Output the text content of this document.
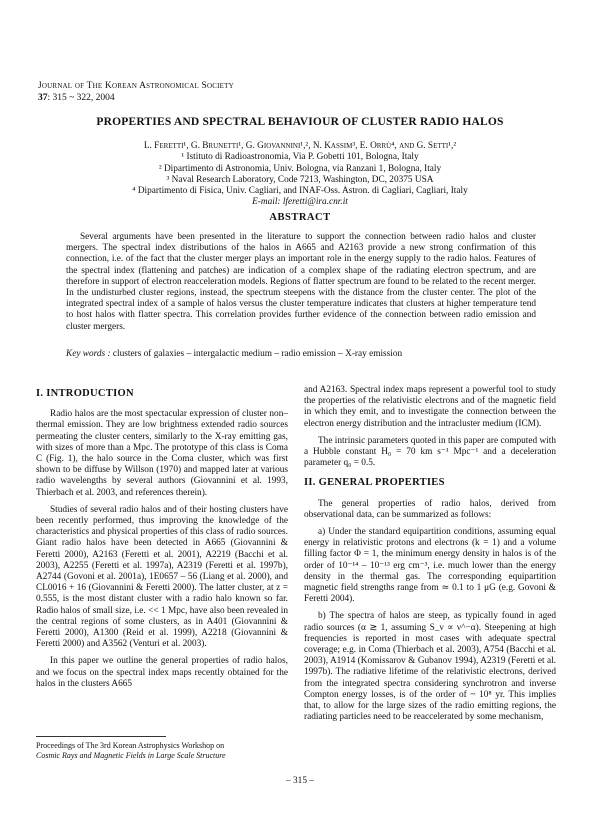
Journal of The Korean Astronomical Society
37: 315 ~ 322, 2004
PROPERTIES AND SPECTRAL BEHAVIOUR OF CLUSTER RADIO HALOS
L. Feretti¹, G. Brunetti¹, G. Giovannini¹,², N. Kassim³, E. Orrù⁴, and G. Setti¹,²
¹ Istituto di Radioastronomia, Via P. Gobetti 101, Bologna, Italy
² Dipartimento di Astronomia, Univ. Bologna, via Ranzani 1, Bologna, Italy
³ Naval Research Laboratory, Code 7213, Washington, DC, 20375 USA
⁴ Dipartimento di Fisica, Univ. Cagliari, and INAF-Oss. Astron. di Cagliari, Cagliari, Italy
E-mail: lferetti@ira.cnr.it
ABSTRACT
Several arguments have been presented in the literature to support the connection between radio halos and cluster mergers. The spectral index distributions of the halos in A665 and A2163 provide a new strong confirmation of this connection, i.e. of the fact that the cluster merger plays an important role in the energy supply to the radio halos. Features of the spectral index (flattening and patches) are indication of a complex shape of the radiating electron spectrum, and are therefore in support of electron reacceleration models. Regions of flatter spectrum are found to be related to the recent merger. In the undisturbed cluster regions, instead, the spectrum steepens with the distance from the cluster center. The plot of the integrated spectral index of a sample of halos versus the cluster temperature indicates that clusters at higher temperature tend to host halos with flatter spectra. This correlation provides further evidence of the connection between radio emission and cluster mergers.
Key words : clusters of galaxies – intergalactic medium – radio emission – X-ray emission
I. INTRODUCTION

Radio halos are the most spectacular expression of cluster non–thermal emission. They are low brightness extended radio sources permeating the cluster centers, similarly to the X-ray emitting gas, with sizes of more than a Mpc. The prototype of this class is Coma C (Fig. 1), the halo source in the Coma cluster, which was first shown to be diffuse by Willson (1970) and mapped later at various radio wavelengths by several authors (Giovannini et al. 1993, Thierbach et al. 2003, and references therein).

Studies of several radio halos and of their hosting clusters have been recently performed, thus improving the knowledge of the characteristics and physical properties of this class of radio sources. Giant radio halos have been detected in A665 (Giovannini & Feretti 2000), A2163 (Feretti et al. 2001), A2219 (Bacchi et al. 2003), A2255 (Feretti et al. 1997a), A2319 (Feretti et al. 1997b), A2744 (Govoni et al. 2001a), 1E0657 – 56 (Liang et al. 2000), and CL0016 + 16 (Giovannini & Feretti 2000). The latter cluster, at z = 0.555, is the most distant cluster with a radio halo known so far. Radio halos of small size, i.e. << 1 Mpc, have also been revealed in the central regions of some clusters, as in A401 (Giovannini & Feretti 2000), A1300 (Reid et al. 1999), A2218 (Giovannini & Feretti 2000) and A3562 (Venturi et al. 2003).

In this paper we outline the general properties of radio halos, and we focus on the spectral index maps recently obtained for the halos in the clusters A665

and A2163. Spectral index maps represent a powerful tool to study the properties of the relativistic electrons and of the magnetic field in which they emit, and to investigate the connection between the electron energy distribution and the intracluster medium (ICM).

The intrinsic parameters quoted in this paper are computed with a Hubble constant H₀ = 70 km s⁻¹ Mpc⁻¹ and a deceleration parameter q₀ = 0.5.

II. GENERAL PROPERTIES

The general properties of radio halos, derived from observational data, can be summarized as follows:

a) Under the standard equipartition conditions, assuming equal energy in relativistic protons and electrons (k = 1) and a volume filling factor Φ = 1, the minimum energy density in halos is of the order of 10⁻¹⁴ – 10⁻¹³ erg cm⁻³, i.e. much lower than the energy density in the thermal gas. The corresponding equipartition magnetic field strengths range from ≃ 0.1 to 1 μG (e.g. Govoni & Feretti 2004).

b) The spectra of halos are steep, as typically found in aged radio sources (α ≳ 1, assuming S_ν ∝ ν^−α). Steepening at high frequencies is reported in most cases with adequate spectral coverage; e.g. in Coma (Thierbach et al. 2003), A754 (Bacchi et al. 2003), A1914 (Komissarov & Gubanov 1994), A2319 (Feretti et al. 1997b). The radiative lifetime of the relativistic electrons, derived from the integrated spectra considering synchrotron and inverse Compton energy losses, is of the order of ~ 10⁸ yr. This implies that, to allow for the large sizes of the radio emitting regions, the radiating particles need to be reaccelerated by some mechanism,

Proceedings of The 3rd Korean Astrophysics Workshop on
Cosmic Rays and Magnetic Fields in Large Scale Structure
– 315 –
